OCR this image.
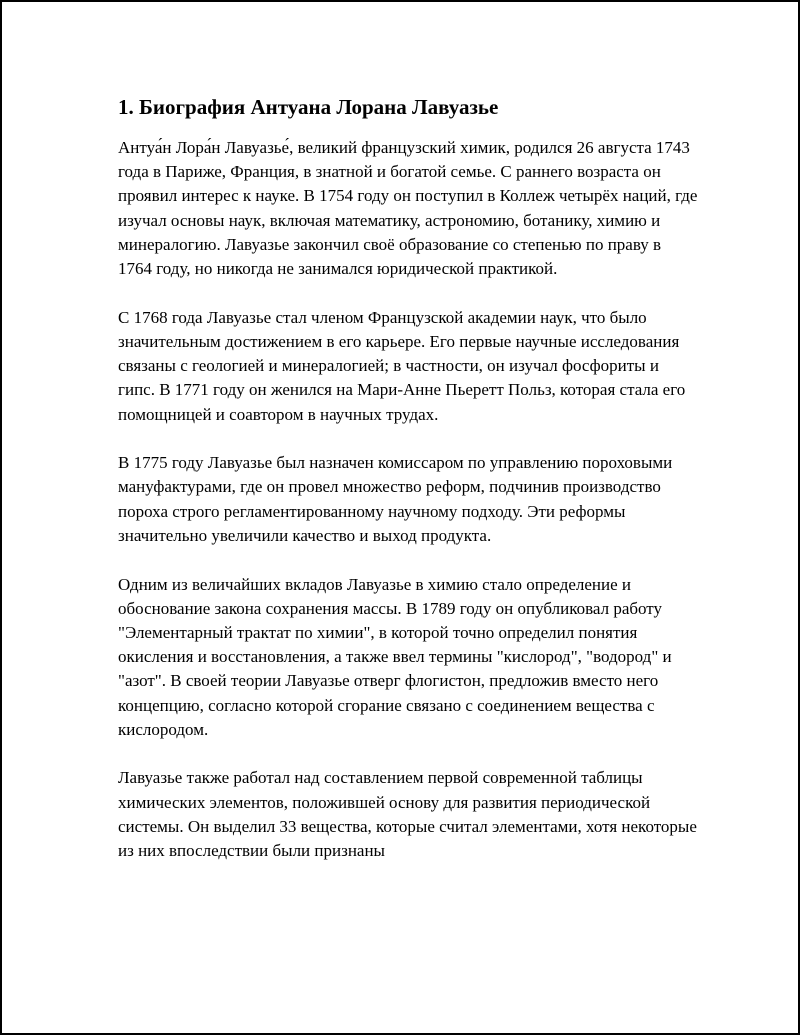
1. Биография Антуана Лорана Лавуазье

Антуа́н Лора́н Лавуазье́, великий французский химик, родился 26 августа 1743 года в Париже, Франция, в знатной и богатой семье. С раннего возраста он проявил интерес к науке. В 1754 году он поступил в Коллеж четырёх наций, где изучал основы наук, включая математику, астрономию, ботанику, химию и минералогию. Лавуазье закончил своё образование со степенью по праву в 1764 году, но никогда не занимался юридической практикой.

С 1768 года Лавуазье стал членом Французской академии наук, что было значительным достижением в его карьере. Его первые научные исследования связаны с геологией и минералогией; в частности, он изучал фосфориты и гипс. В 1771 году он женился на Мари-Анне Пьеретт Польз, которая стала его помощницей и соавтором в научных трудах.

В 1775 году Лавуазье был назначен комиссаром по управлению пороховыми мануфактурами, где он провел множество реформ, подчинив производство пороха строго регламентированному научному подходу. Эти реформы значительно увеличили качество и выход продукта.

Одним из величайших вкладов Лавуазье в химию стало определение и обоснование закона сохранения массы. В 1789 году он опубликовал работу "Элементарный трактат по химии", в которой точно определил понятия окисления и восстановления, а также ввел термины "кислород", "водород" и "азот". В своей теории Лавуазье отверг флогистон, предложив вместо него концепцию, согласно которой сгорание связано с соединением вещества с кислородом.

Лавуазье также работал над составлением первой современной таблицы химических элементов, положившей основу для развития периодической системы. Он выделил 33 вещества, которые считал элементами, хотя некоторые из них впоследствии были признаны
